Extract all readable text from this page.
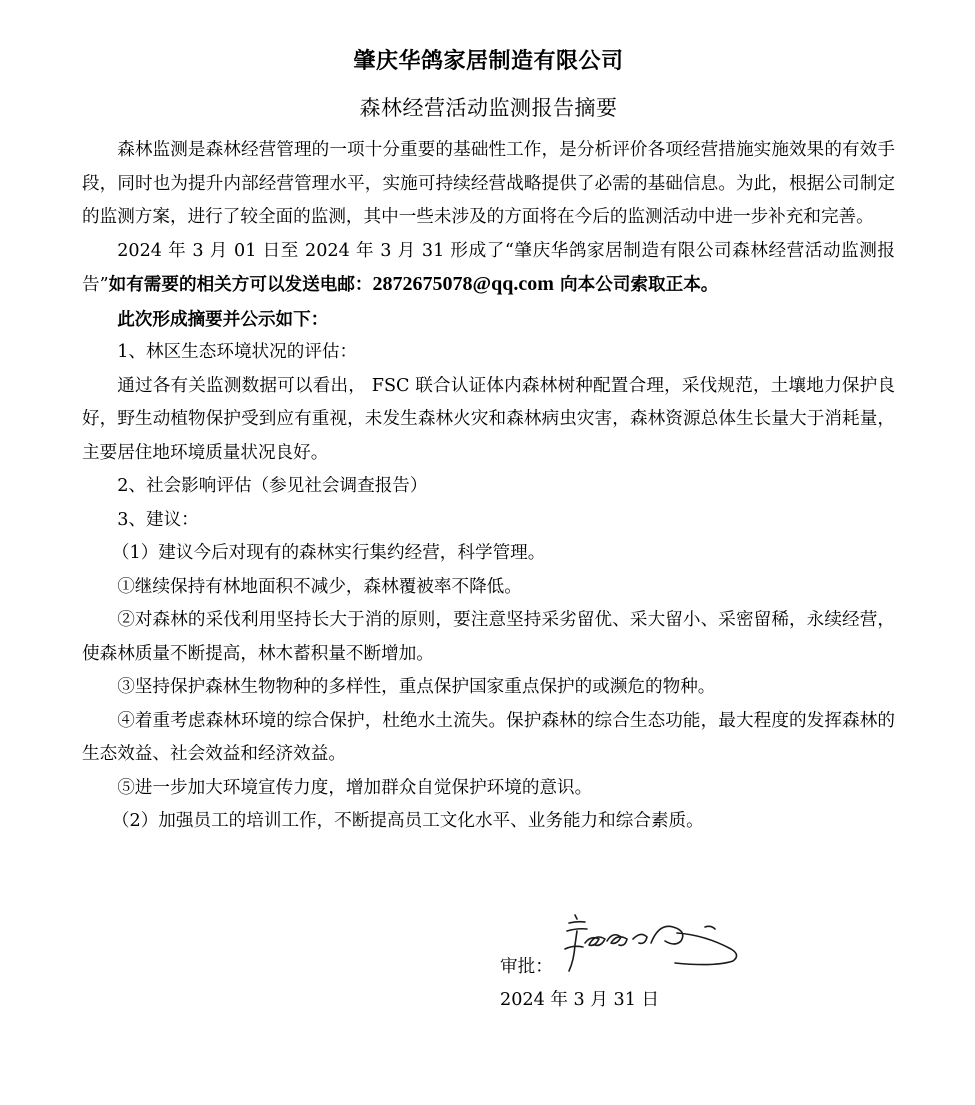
肇庆华鸽家居制造有限公司
森林经营活动监测报告摘要

森林监测是森林经营管理的一项十分重要的基础性工作，是分析评价各项经营措施实施效果的有效手段，同时也为提升内部经营管理水平，实施可持续经营战略提供了必需的基础信息。为此，根据公司制定的监测方案，进行了较全面的监测，其中一些未涉及的方面将在今后的监测活动中进一步补充和完善。

2024 年 3 月 01 日至 2024 年 3 月 31 形成了“肇庆华鸽家居制造有限公司森林经营活动监测报告”如有需要的相关方可以发送电邮：2872675078@qq.com 向本公司索取正本。

此次形成摘要并公示如下：

1、林区生态环境状况的评估：

通过各有关监测数据可以看出， FSC 联合认证体内森林树种配置合理，采伐规范，土壤地力保护良好，野生动植物保护受到应有重视，未发生森林火灾和森林病虫灾害，森林资源总体生长量大于消耗量，主要居住地环境质量状况良好。

2、社会影响评估（参见社会调查报告）

3、建议：

（1）建议今后对现有的森林实行集约经营，科学管理。

①继续保持有林地面积不减少，森林覆被率不降低。

②对森林的采伐利用坚持长大于消的原则，要注意坚持采劣留优、采大留小、采密留稀，永续经营，使森林质量不断提高，林木蓄积量不断增加。

③坚持保护森林生物物种的多样性，重点保护国家重点保护的或濒危的物种。

④着重考虑森林环境的综合保护，杜绝水土流失。保护森林的综合生态功能，最大程度的发挥森林的生态效益、社会效益和经济效益。

⑤进一步加大环境宣传力度，增加群众自觉保护环境的意识。

（2）加强员工的培训工作，不断提高员工文化水平、业务能力和综合素质。

审批：
2024 年 3 月 31 日
